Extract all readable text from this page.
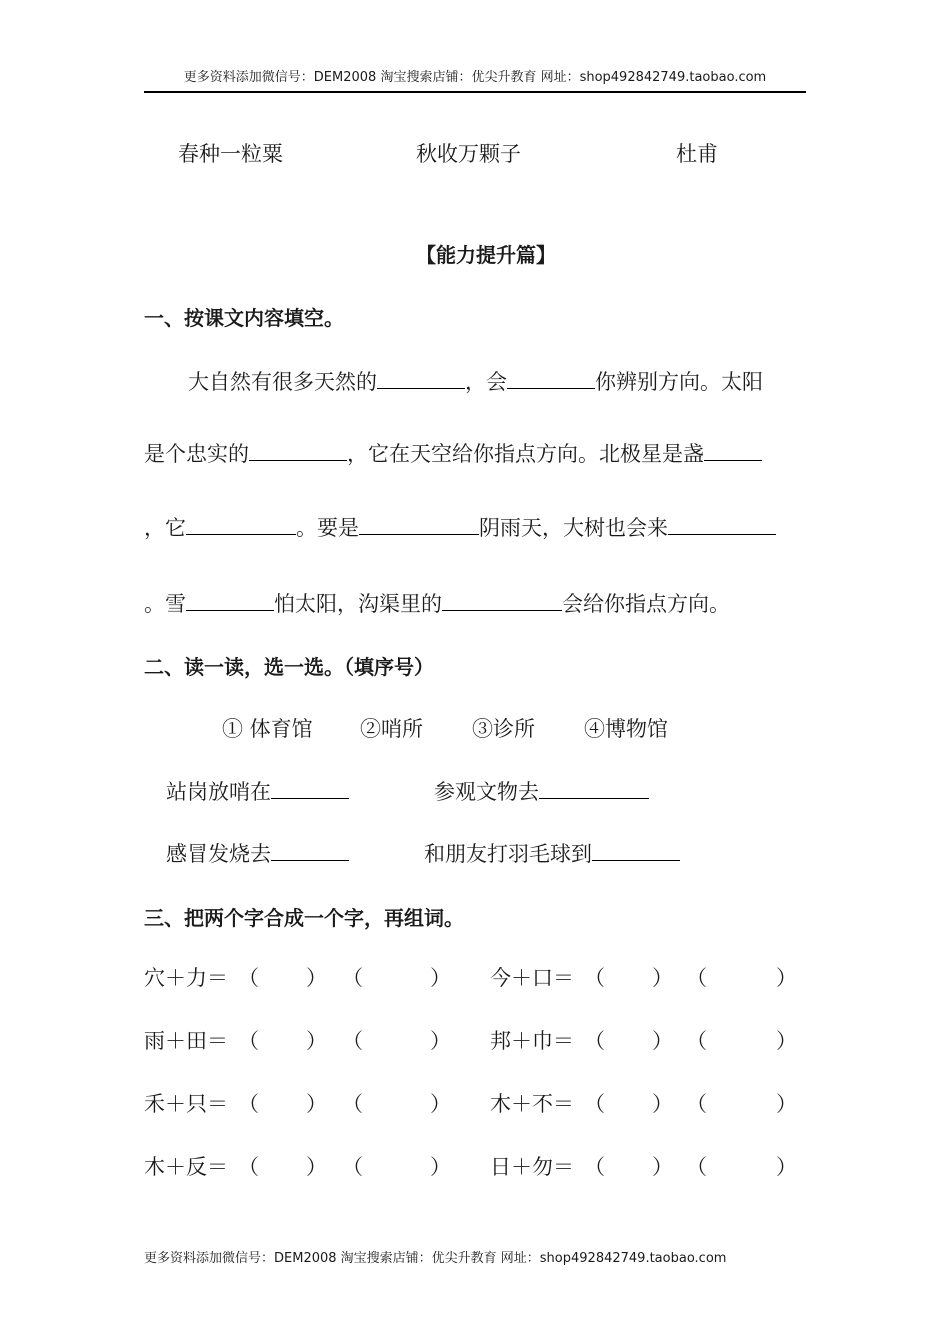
更多资料添加微信号：DEM2008 淘宝搜索店铺：优尖升教育 网址：shop492842749.taobao.com
春种一粒粟	秋收万颗子	杜甫
【能力提升篇】
一、按课文内容填空。
大自然有很多天然的	，会	你辨别方向。太阳
是个忠实的	，它在天空给你指点方向。北极星是盏
，它	。要是	阴雨天，大树也会来
。雪	怕太阳，沟渠里的	会给你指点方向。
二、读一读，选一选。（填序号）
① 体育馆 ②哨所 ③诊所 ④博物馆
站岗放哨在	参观文物去
感冒发烧去	和朋友打羽毛球到
三、把两个字合成一个字，再组词。
穴＋力＝ （ ） （	） 今＋口＝ （ ） （	）
雨＋田＝ （ ） （	） 邦＋巾＝ （ ） （	）
禾＋只＝ （ ） （	） 木＋不＝ （ ） （	）
木＋反＝ （ ） （	） 日＋勿＝ （ ） （	）
更多资料添加微信号：DEM2008 淘宝搜索店铺：优尖升教育 网址：shop492842749.taobao.com
